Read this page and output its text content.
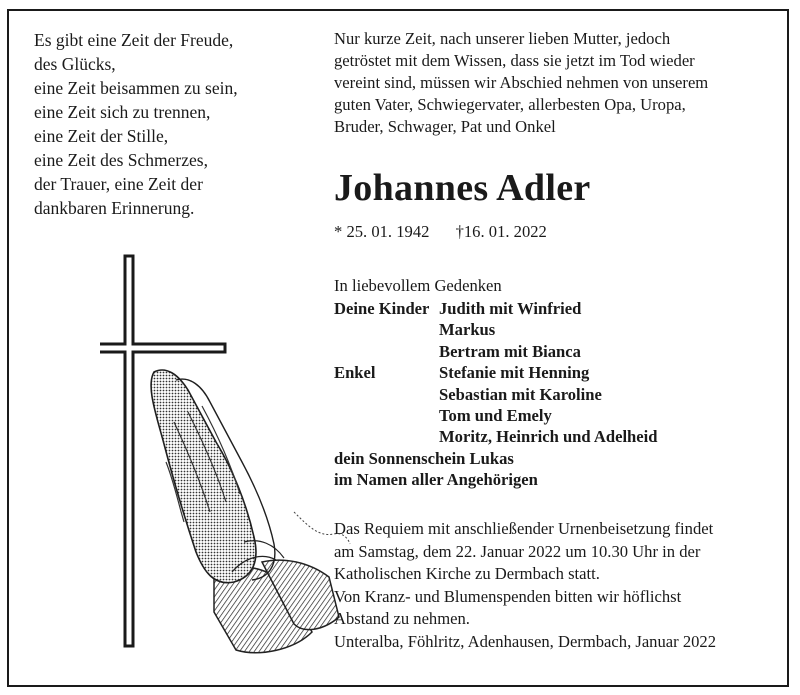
Es gibt eine Zeit der Freude,
des Glücks,
eine Zeit beisammen zu sein,
eine Zeit sich zu trennen,
eine Zeit der Stille,
eine Zeit des Schmerzes,
der Trauer, eine Zeit der
dankbaren Erinnerung.
Nur kurze Zeit, nach unserer lieben Mutter, jedoch
getröstet mit dem Wissen, dass sie jetzt im Tod wieder
vereint sind, müssen wir Abschied nehmen von unserem
guten Vater, Schwiegervater, allerbesten Opa, Uropa,
Bruder, Schwager, Pat und Onkel
Johannes Adler
* 25. 01. 1942 †16. 01. 2022
In liebevollem Gedenken
Deine Kinder Judith mit Winfried
Markus
Bertram mit Bianca
Enkel	Stefanie mit Henning
Sebastian mit Karoline
Tom und Emely
Moritz, Heinrich und Adelheid
dein Sonnenschein Lukas
im Namen aller Angehörigen
Das Requiem mit anschließender Urnenbeisetzung findet
am Samstag, dem 22. Januar 2022 um 10.30 Uhr in der
Katholischen Kirche zu Dermbach statt.
Von Kranz- und Blumenspenden bitten wir höflichst
Abstand zu nehmen.
Unteralba, Föhlritz, Adenhausen, Dermbach, Januar 2022
